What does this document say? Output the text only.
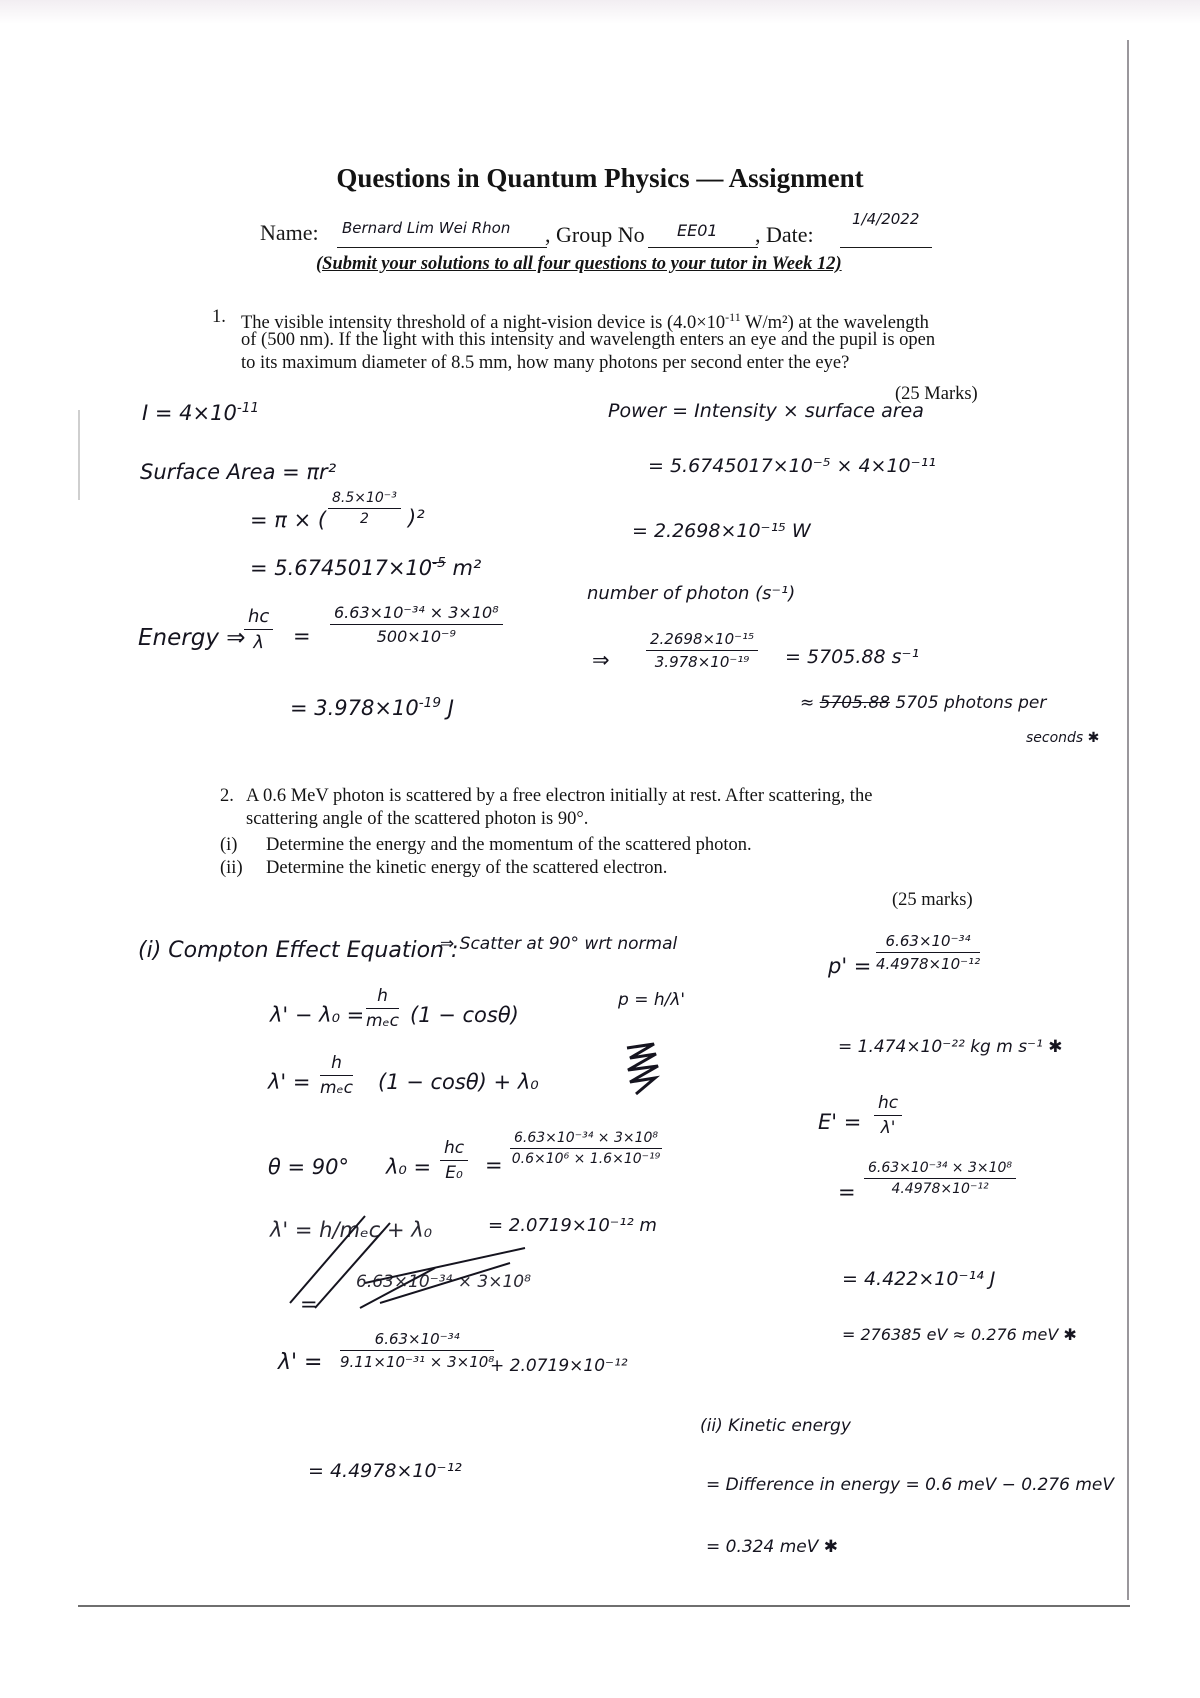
Questions in Quantum Physics — Assignment
Name: Bernard Lim Wei Rhon , Group No EE01 , Date:
1/4/2022
(Submit your solutions to all four questions to your tutor in Week 12)
1. The visible intensity threshold of a night-vision device is ($4.0\times 10^{-11}$ W/m²) at the wavelength
of (500 nm). If the light with this intensity and wavelength enters an eye and the pupil is open
to its maximum diameter of 8.5 mm, how many photons per second enter the eye?
(25 Marks)
$I = 4\times 10^{-11}$
Surface Area = πr²
= π × ( $\frac{\text{8.5×10⁻³}}{2} )^2$
= $5.6745017\times 10^{-5}$ m²
Energy ⇒
$\frac{hc}{\lambda} = \frac{\text{6.63×10⁻³⁴ × 3×10⁸}}{\text{500×10⁻⁹}}$
= $3.978\times 10^{-19}$ J
Power = Intensity × surface area
= 5.6745017×10⁻⁵ × 4×10⁻¹¹
= 2.2698×10⁻¹⁵ W
number of photon (s⁻¹)
⇒ $\frac{\text{2.2698×10⁻¹⁵}}{\text{3.978×10⁻¹⁹}} = 5705.88$ s⁻¹
≈ 5705.88 5705 photons per
seconds ✱
2. A 0.6 MeV photon is scattered by a free electron initially at rest. After scattering, the
scattering angle of the scattered photon is 90°.
(i) Determine the energy and the momentum of the scattered photon.
(ii) Determine the kinetic energy of the scattered electron.
(25 marks)
(i) Compton Effect Equation :
⇒ Scatter at 90° wrt normal
λ' − λ₀ =
h
mₑc (1 − cosθ)
p = h/λ'
λ' =
h
mₑc (1 − cosθ) + λ₀
θ = 90° $\lambda_0 = \frac{hc}{\text{E₀}} = \frac{\text{6.63×10⁻³⁴ × 3×10⁸}}{\text{0.6×10⁶ × 1.6×10⁻¹⁹}}$
= 2.0719×10⁻¹² m
λ' = h/mₑc + λ₀
=
6.63×10⁻³⁴ × 3×10⁸
$\lambda' = \frac{\text{6.63×10⁻³⁴}}{\text{9.11×10⁻³¹ × 3×10⁸}}$
+ 2.0719×10⁻¹²
= 4.4978×10⁻¹²
$p' = \frac{\text{6.63×10⁻³⁴}}{\text{4.4978×10⁻¹²}}$
= 1.474×10⁻²² kg m s⁻¹ ✱
$E' = \frac{hc}{\lambda'}$
= $\frac{\text{6.63×10⁻³⁴ × 3×10⁸}}{\text{4.4978×10⁻¹²}}$
= 4.422×10⁻¹⁴ J
= 276385 eV ≈ 0.276 meV ✱
(ii) Kinetic energy
= Difference in energy = 0.6 meV − 0.276 meV
= 0.324 meV ✱
